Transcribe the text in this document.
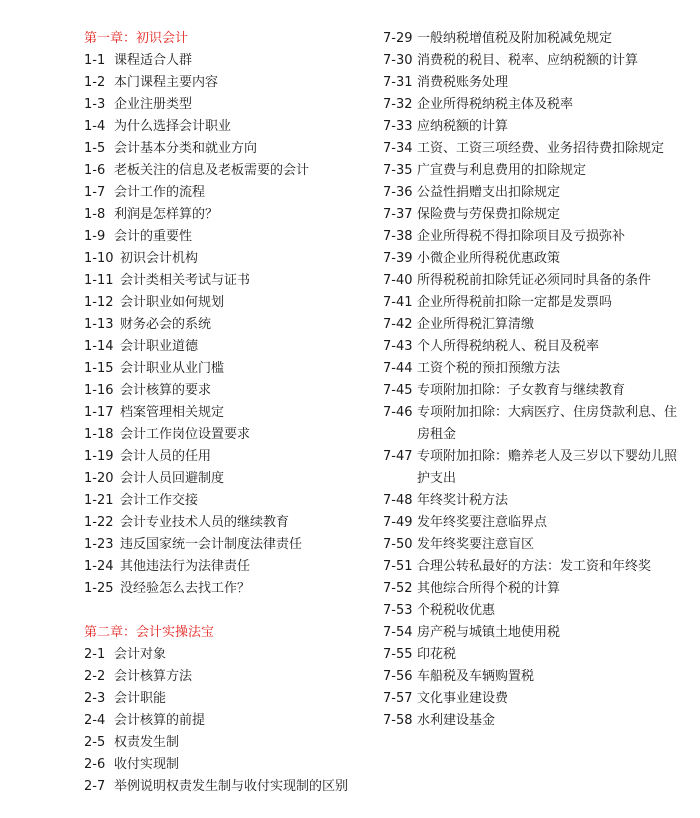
第一章：初识会计
1-1 课程适合人群
1-2 本门课程主要内容
1-3 企业注册类型
1-4 为什么选择会计职业
1-5 会计基本分类和就业方向
1-6 老板关注的信息及老板需要的会计
1-7 会计工作的流程
1-8 利润是怎样算的？
1-9 会计的重要性
1-10 初识会计机构
1-11 会计类相关考试与证书
1-12 会计职业如何规划
1-13 财务必会的系统
1-14 会计职业道德
1-15 会计职业从业门槛
1-16 会计核算的要求
1-17 档案管理相关规定
1-18 会计工作岗位设置要求
1-19 会计人员的任用
1-20 会计人员回避制度
1-21 会计工作交接
1-22 会计专业技术人员的继续教育
1-23 违反国家统一会计制度法律责任
1-24 其他违法行为法律责任
1-25 没经验怎么去找工作？
第二章：会计实操法宝
2-1 会计对象
2-2 会计核算方法
2-3 会计职能
2-4 会计核算的前提
2-5 权责发生制
2-6 收付实现制
2-7 举例说明权责发生制与收付实现制的区别
7-29 一般纳税增值税及附加税减免规定
7-30 消费税的税目、税率、应纳税额的计算
7-31 消费税账务处理
7-32 企业所得税纳税主体及税率
7-33 应纳税额的计算
7-34 工资、工资三项经费、业务招待费扣除规定
7-35 广宣费与利息费用的扣除规定
7-36 公益性捐赠支出扣除规定
7-37 保险费与劳保费扣除规定
7-38 企业所得税不得扣除项目及亏损弥补
7-39 小微企业所得税优惠政策
7-40 所得税税前扣除凭证必须同时具备的条件
7-41 企业所得税前扣除一定都是发票吗
7-42 企业所得税汇算清缴
7-43 个人所得税纳税人、税目及税率
7-44 工资个税的预扣预缴方法
7-45 专项附加扣除：子女教育与继续教育
7-46 专项附加扣除：大病医疗、住房贷款利息、住房租金
7-47 专项附加扣除：赡养老人及三岁以下婴幼儿照护支出
7-48 年终奖计税方法
7-49 发年终奖要注意临界点
7-50 发年终奖要注意盲区
7-51 合理公转私最好的方法：发工资和年终奖
7-52 其他综合所得个税的计算
7-53 个税税收优惠
7-54 房产税与城镇土地使用税
7-55 印花税
7-56 车船税及车辆购置税
7-57 文化事业建设费
7-58 水利建设基金
